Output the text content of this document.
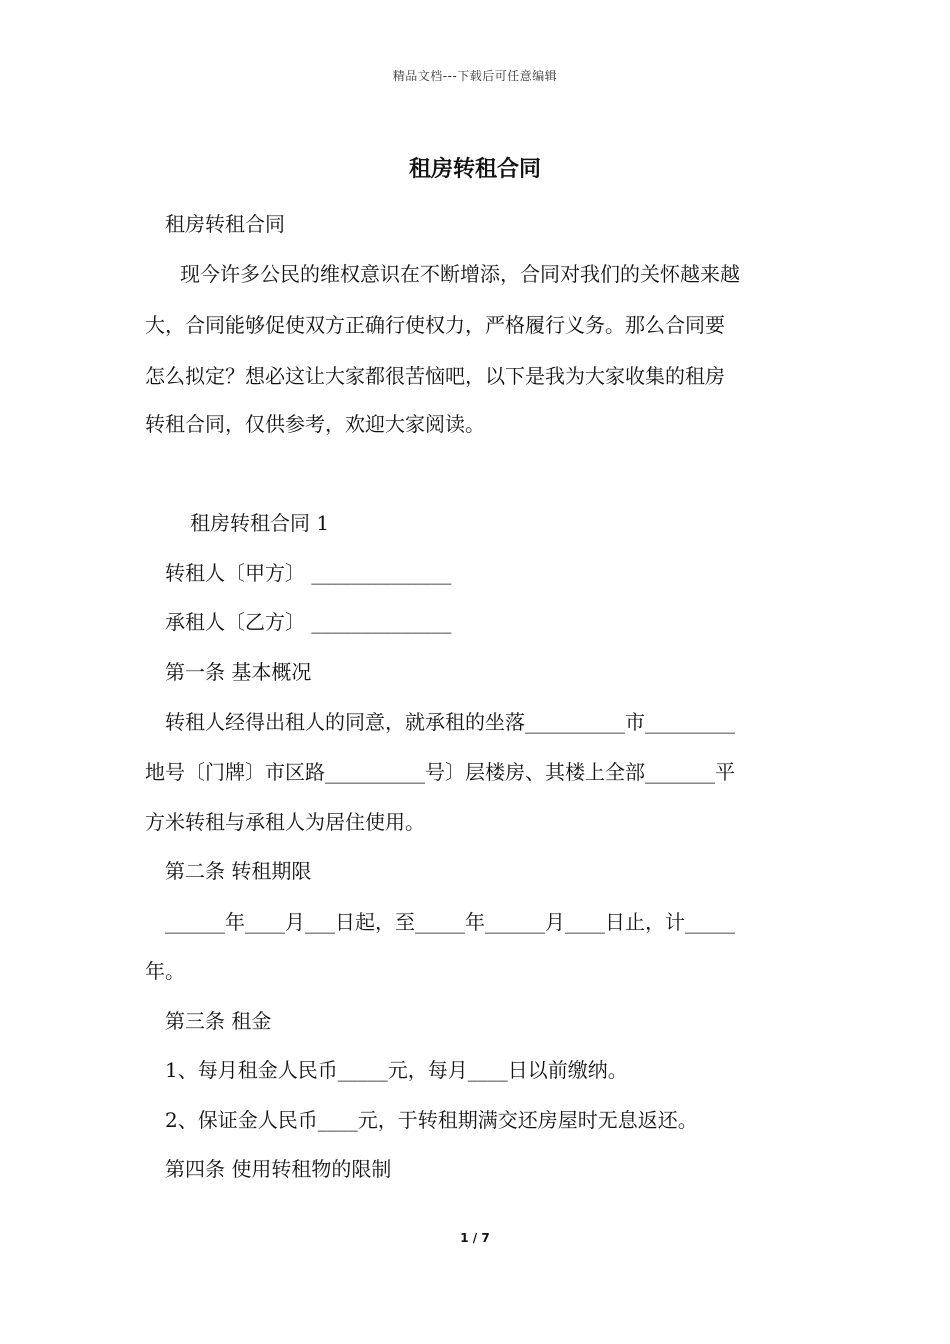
精品文档---下载后可任意编辑
租房转租合同
租房转租合同
现今许多公民的维权意识在不断增添，合同对我们的关怀越来越
大，合同能够促使双方正确行使权力，严格履行义务。那么合同要
怎么拟定？想必这让大家都很苦恼吧，以下是我为大家收集的租房
转租合同，仅供参考，欢迎大家阅读。
租房转租合同 1
转租人〔甲方〕 ______________
承租人〔乙方〕 ______________
第一条 基本概况
转租人经得出租人的同意，就承租的坐落__________市_________
地号〔门牌〕市区路__________号〕层楼房、其楼上全部_______平
方米转租与承租人为居住使用。
第二条 转租期限
______年____月___日起，至_____年______月____日止，计_____
年。
第三条 租金
1、每月租金人民币_____元，每月____日以前缴纳。
2、保证金人民币____元，于转租期满交还房屋时无息返还。
第四条 使用转租物的限制
1 / 7
